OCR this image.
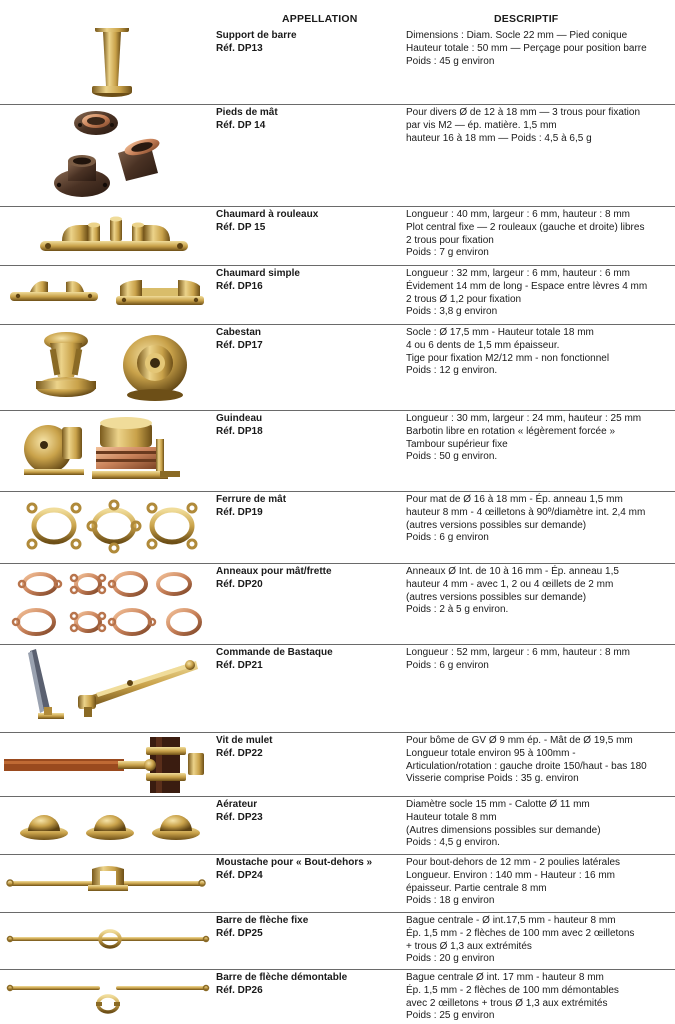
APPELLATION	DESCRIPTIF
Support de barre
Réf. DP13
Dimensions : Diam. Socle 22 mm — Pied conique
Hauteur totale : 50 mm — Perçage pour position barre
Poids : 45 g environ
Pieds de mât
Réf. DP 14
Pour divers Ø de 12 à 18 mm — 3 trous pour fixation
par vis M2 — ép. matière. 1,5 mm
hauteur 16 à 18 mm — Poids : 4,5 à 6,5 g
Chaumard à rouleaux
Réf. DP 15
Longueur : 40 mm, largeur : 6 mm, hauteur : 8 mm
Plot central fixe — 2 rouleaux (gauche et droite) libres
2 trous pour fixation
Poids : 7 g environ
Chaumard simple
Réf. DP16
Longueur : 32 mm, largeur : 6 mm, hauteur : 6 mm
Évidement 14 mm de long - Espace entre lèvres 4 mm
2 trous Ø 1,2 pour fixation
Poids : 3,8 g environ
Cabestan
Réf. DP17
Socle : Ø 17,5 mm - Hauteur totale 18 mm
4 ou 6 dents de 1,5 mm épaisseur.
Tige pour fixation M2/12 mm - non fonctionnel
Poids : 12 g environ.
Guindeau
Réf. DP18
Longueur : 30 mm, largeur : 24 mm, hauteur : 25 mm
Barbotin libre en rotation « légèrement forcée »
Tambour supérieur fixe
Poids : 50 g environ.
Ferrure de mât
Réf. DP19
Pour mat de Ø 16 à 18 mm - Ép. anneau 1,5 mm
hauteur 8 mm - 4 œilletons à 90º/diamètre int. 2,4 mm
(autres versions possibles sur demande)
Poids : 6 g environ
Anneaux pour mât/frette
Réf. DP20
Anneaux Ø Int. de 10 à 16 mm - Ép. anneau 1,5
hauteur 4 mm - avec 1, 2 ou 4 œillets de 2 mm
(autres versions possibles sur demande)
Poids : 2 à 5 g environ.
Commande de Bastaque
Réf. DP21
Longueur : 52 mm, largeur : 6 mm, hauteur : 8 mm
Poids : 6 g environ
Vit de mulet
Réf. DP22
Pour bôme de GV Ø 9 mm ép. - Mât de Ø 19,5 mm
Longueur totale environ 95 à 100mm -
Articulation/rotation : gauche droite 150/haut - bas 180
Visserie comprise Poids : 35 g. environ
Aérateur
Réf. DP23
Diamètre socle 15 mm - Calotte Ø 11 mm
Hauteur totale 8 mm
(Autres dimensions possibles sur demande)
Poids : 4,5 g environ.
Moustache pour « Bout-dehors »
Réf. DP24
Pour bout-dehors de 12 mm - 2 poulies latérales
Longueur. Environ : 140 mm - Hauteur : 16 mm
épaisseur. Partie centrale 8 mm
Poids : 18 g environ
Barre de flèche fixe
Réf. DP25
Bague centrale - Ø int.17,5 mm - hauteur 8 mm
Ép. 1,5 mm - 2 flèches de 100 mm avec 2 œilletons
+ trous Ø 1,3 aux extrémités
Poids : 20 g environ
Barre de flèche démontable
Réf. DP26
Bague centrale Ø int. 17 mm - hauteur 8 mm
Ép. 1,5 mm - 2 flèches de 100 mm démontables
avec 2 œilletons + trous Ø 1,3 aux extrémités
Poids : 25 g environ
